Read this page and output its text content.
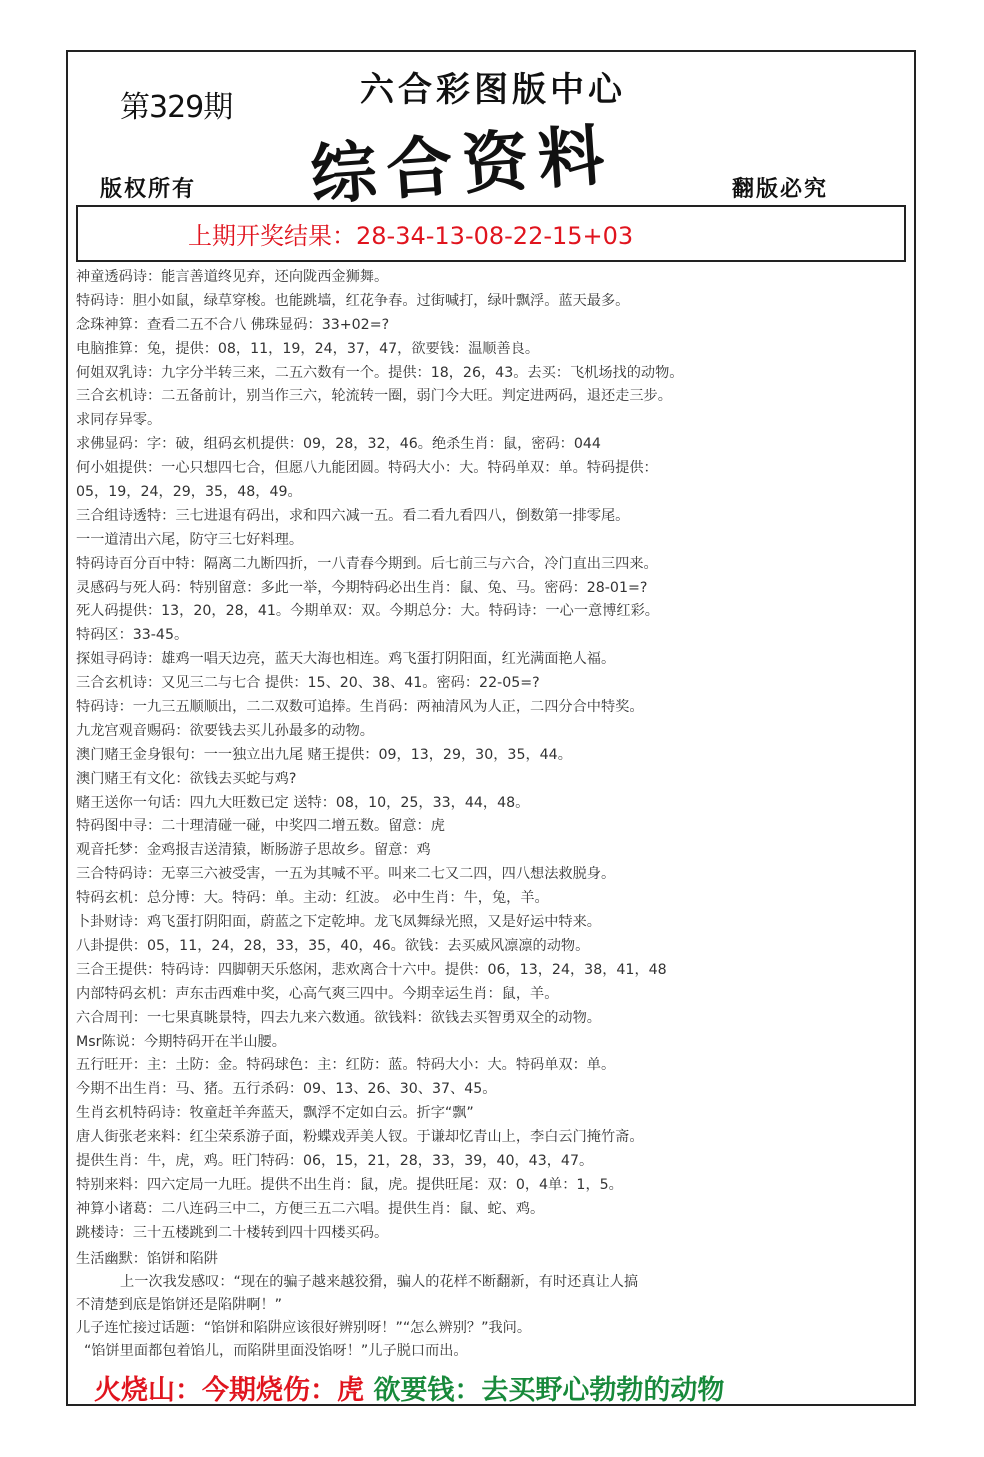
第329期	六合彩图版中心
综合资料
版权所有	翻版必究
上期开奖结果：28-34-13-08-22-15+03
神童透码诗：能言善道终见弃，还向陇西金狮舞。
特码诗：胆小如鼠，绿草穿梭。也能跳墙，红花争春。过街喊打，绿叶飘浮。蓝天最多。
念珠神算：查看二五不合八 佛珠显码：33+02=?
电脑推算：兔，提供：08，11，19，24，37，47，欲要钱：温顺善良。
何姐双乳诗：九字分半转三来，二五六数有一个。提供：18，26，43。去买：飞机场找的动物。
三合玄机诗：二五备前计，别当作三六，轮流转一圈，弱门今大旺。判定进两码，退还走三步。
求同存异零。
求佛显码：字：破，组码玄机提供：09，28，32，46。绝杀生肖：鼠，密码：044
何小姐提供：一心只想四七合，但愿八九能团圆。特码大小：大。特码单双：单。特码提供：
05，19，24，29，35，48，49。
三合组诗透特：三七进退有码出，求和四六减一五。看二看九看四八，倒数第一排零尾。
一一道清出六尾，防守三七好料理。
特码诗百分百中特：隔离二九断四折，一八青春今期到。后七前三与六合，冷门直出三四来。
灵感码与死人码：特别留意：多此一举，今期特码必出生肖：鼠、兔、马。密码：28-01=?
死人码提供：13，20，28，41。今期单双：双。今期总分：大。特码诗：一心一意博红彩。
特码区：33-45。
探姐寻码诗：雄鸡一唱天边亮，蓝天大海也相连。鸡飞蛋打阴阳面，红光满面艳人福。
三合玄机诗：又见三二与七合 提供：15、20、38、41。密码：22-05=?
特码诗：一九三五顺顺出，二二双数可追捧。生肖码：两袖清风为人正，二四分合中特奖。
九龙宫观音赐码：欲要钱去买儿孙最多的动物。
澳门赌王金身银句：一一独立出九尾 赌王提供：09，13，29，30，35，44。
澳门赌王有文化：欲钱去买蛇与鸡?
赌王送你一句话：四九大旺数已定 送特：08，10，25，33，44，48。
特码图中寻：二十理清碰一碰，中奖四二增五数。留意：虎
观音托梦：金鸡报吉送清猿，断肠游子思故乡。留意：鸡
三合特码诗：无辜三六被受害，一五为其喊不平。叫来二七又二四，四八想法救脱身。
特码玄机：总分博：大。特码：单。主动：红波。 必中生肖：牛，兔，羊。
卜卦财诗：鸡飞蛋打阴阳面，蔚蓝之下定乾坤。龙飞凤舞绿光照，又是好运中特来。
八卦提供：05，11，24，28，33，35，40，46。欲钱：去买威风凛凛的动物。
三合王提供：特码诗：四脚朝天乐悠闲，悲欢离合十六中。提供：06，13，24，38，41，48
内部特码玄机：声东击西难中奖，心高气爽三四中。今期幸运生肖：鼠，羊。
六合周刊：一七果真眺景特，四去九来六数通。欲钱料：欲钱去买智勇双全的动物。
Msr陈说：今期特码开在半山腰。
五行旺开：主：土防：金。特码球色：主：红防：蓝。特码大小：大。特码单双：单。
今期不出生肖：马、猪。五行杀码：09、13、26、30、37、45。
生肖玄机特码诗：牧童赶羊奔蓝天，飘浮不定如白云。折字“飘”
唐人街张老来料：红尘荣系游子面，粉蝶戏弄美人钗。于谦却忆青山上，李白云门掩竹斋。
提供生肖：牛，虎，鸡。旺门特码：06，15，21，28，33，39，40，43，47。
特别来料：四六定局一九旺。提供不出生肖：鼠，虎。提供旺尾：双：0，4单：1，5。
神算小诸葛：二八连码三中二，方便三五二六唱。提供生肖：鼠、蛇、鸡。
跳楼诗：三十五楼跳到二十楼转到四十四楼买码。
生活幽默：馅饼和陷阱
上一次我发感叹：“现在的骗子越来越狡猾，骗人的花样不断翻新，有时还真让人搞
不清楚到底是馅饼还是陷阱啊！”
儿子连忙接过话题：“馅饼和陷阱应该很好辨别呀！”“怎么辨别？”我问。
“馅饼里面都包着馅儿，而陷阱里面没馅呀！”儿子脱口而出。
火烧山：今期烧伤：虎 欲要钱：去买野心勃勃的动物
